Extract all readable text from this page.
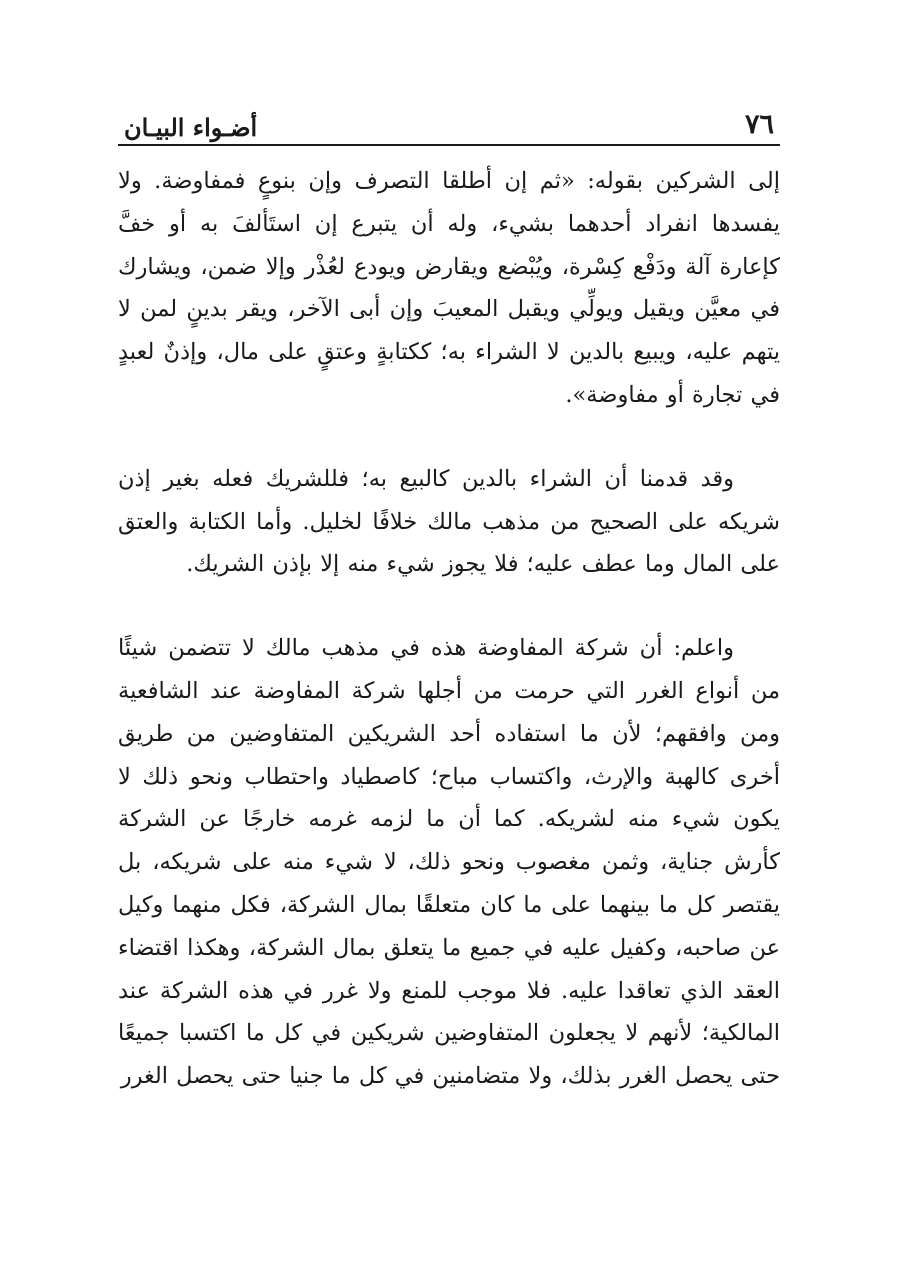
٧٦
أضـواء البيـان

إلى الشركين بقوله: «ثم إن أطلقا التصرف وإن بنوعٍ فمفاوضة. ولا يفسدها انفراد أحدهما بشيء، وله أن يتبرع إن استَألفَ به أو خفَّ كإعارة آلة ودَفْع كِسْرة، ويُبْضع ويقارض ويودع لعُذْر وإلا ضمن، ويشارك في معيَّن ويقيل ويولِّي ويقبل المعيبَ وإن أبى الآخر، ويقر بدينٍ لمن لا يتهم عليه، ويبيع بالدين لا الشراء به؛ ككتابةٍ وعتقٍ على مال، وإذنٌ لعبدٍ في تجارة أو مفاوضة».

وقد قدمنا أن الشراء بالدين كالبيع به؛ فللشريك فعله بغير إذن شريكه على الصحيح من مذهب مالك خلافًا لخليل. وأما الكتابة والعتق على المال وما عطف عليه؛ فلا يجوز شيء منه إلا بإذن الشريك.

واعلم: أن شركة المفاوضة هذه في مذهب مالك لا تتضمن شيئًا من أنواع الغرر التي حرمت من أجلها شركة المفاوضة عند الشافعية ومن وافقهم؛ لأن ما استفاده أحد الشريكين المتفاوضين من طريق أخرى كالهبة والإرث، واكتساب مباح؛ كاصطياد واحتطاب ونحو ذلك لا يكون شيء منه لشريكه. كما أن ما لزمه غرمه خارجًا عن الشركة كأرش جناية، وثمن مغصوب ونحو ذلك، لا شيء منه على شريكه، بل يقتصر كل ما بينهما على ما كان متعلقًا بمال الشركة، فكل منهما وكيل عن صاحبه، وكفيل عليه في جميع ما يتعلق بمال الشركة، وهكذا اقتضاء العقد الذي تعاقدا عليه. فلا موجب للمنع ولا غرر في هذه الشركة عند المالكية؛ لأنهم لا يجعلون المتفاوضين شريكين في كل ما اكتسبا جميعًا حتى يحصل الغرر بذلك، ولا متضامنين في كل ما جنيا حتى يحصل الغرر
